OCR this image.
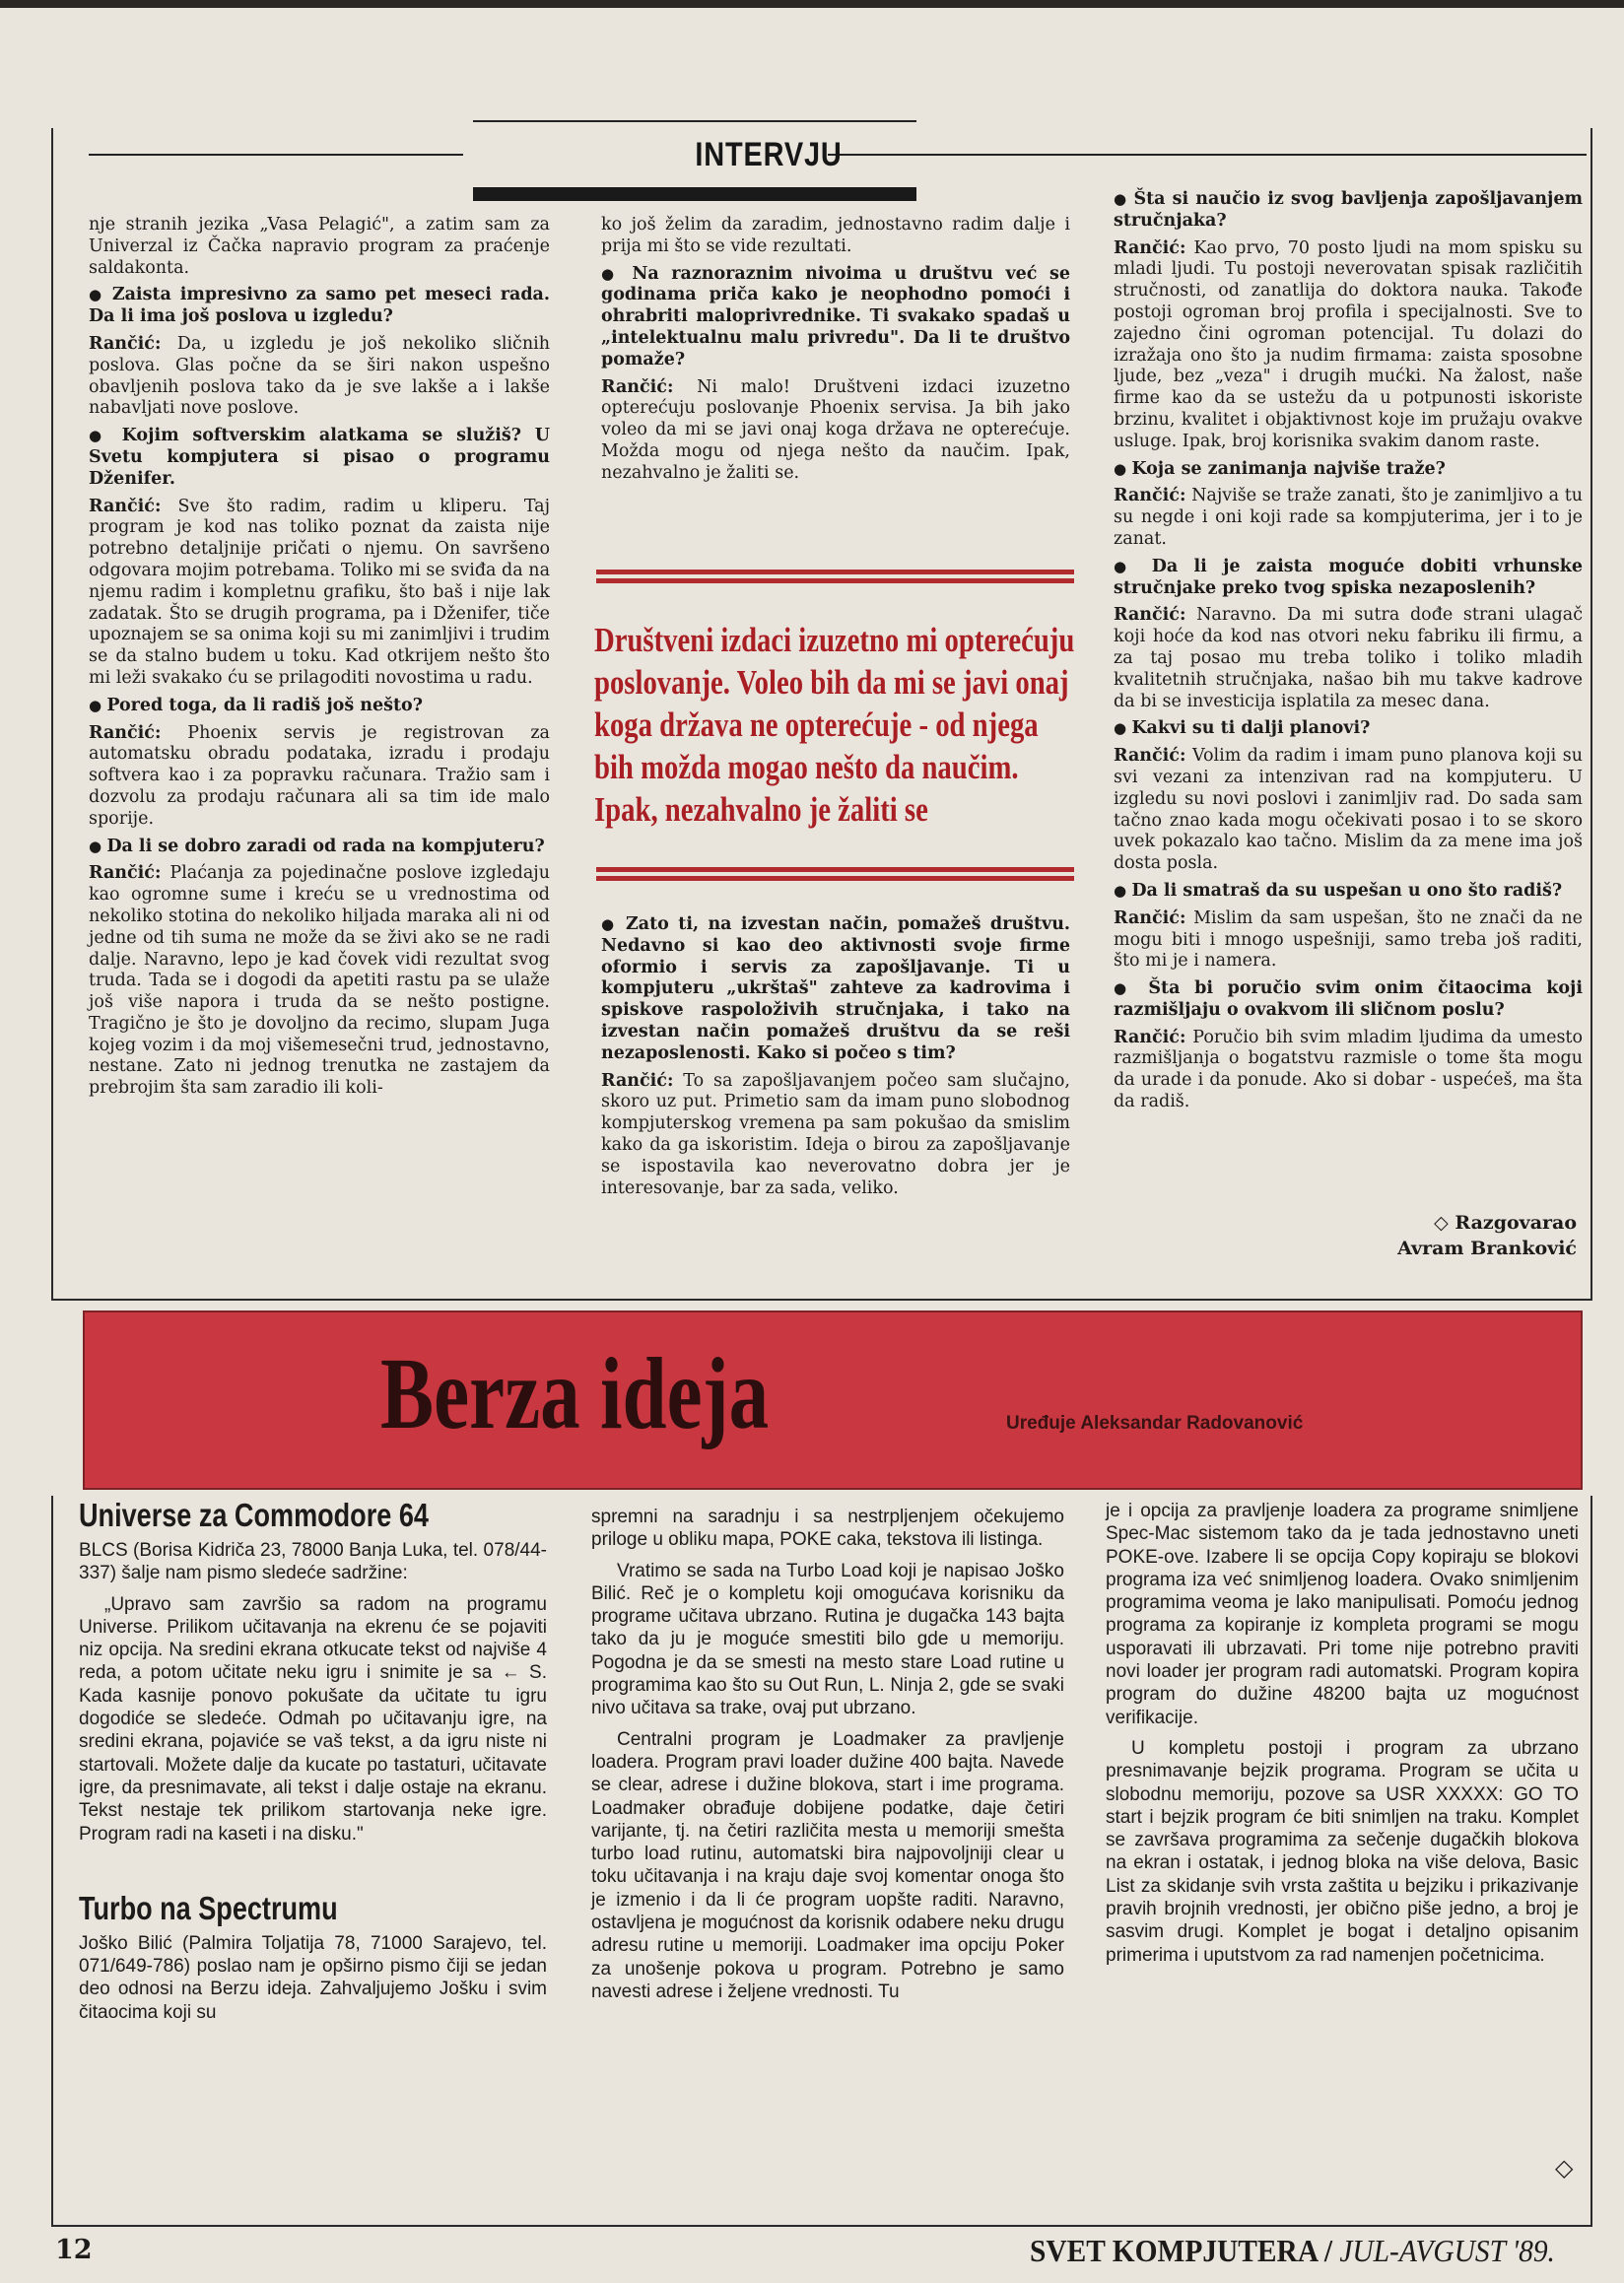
INTERVJU

nje stranih jezika „Vasa Pelagić", a zatim sam za Univerzal iz Čačka napravio program za praćenje saldakonta.

● Zaista impresivno za samo pet meseci rada. Da li ima još poslova u izgledu?

Rančić: Da, u izgledu je još nekoliko sličnih poslova. Glas počne da se širi nakon uspešno obavljenih poslova tako da je sve lakše a i lakše nabavljati nove poslove.

● Kojim softverskim alatkama se služiš? U Svetu kompjutera si pisao o programu Dženifer.

Rančić: Sve što radim, radim u kliperu. Taj program je kod nas toliko poznat da zaista nije potrebno detaljnije pričati o njemu. On savršeno odgovara mojim potrebama. Toliko mi se sviđa da na njemu radim i kompletnu grafiku, što baš i nije lak zadatak. Što se drugih programa, pa i Dženifer, tiče upoznajem se sa onima koji su mi zanimljivi i trudim se da stalno budem u toku. Kad otkrijem nešto što mi leži svakako ću se prilagoditi novostima u radu.

● Pored toga, da li radiš još nešto?

Rančić: Phoenix servis je registrovan za automatsku obradu podataka, izradu i prodaju softvera kao i za popravku računara. Tražio sam i dozvolu za prodaju računara ali sa tim ide malo sporije.

● Da li se dobro zaradi od rada na kompjuteru?

Rančić: Plaćanja za pojedinačne poslove izgledaju kao ogromne sume i kreću se u vrednostima od nekoliko stotina do nekoliko hiljada maraka ali ni od jedne od tih suma ne može da se živi ako se ne radi dalje. Naravno, lepo je kad čovek vidi rezultat svog truda. Tada se i dogodi da apetiti rastu pa se ulaže još više napora i truda da se nešto postigne. Tragično je što je dovoljno da recimo, slupam Juga kojeg vozim i da moj višemesečni trud, jednostavno, nestane. Zato ni jednog trenutka ne zastajem da prebrojim šta sam zaradio ili koli-

ko još želim da zaradim, jednostavno radim dalje i prija mi što se vide rezultati.

● Na raznoraznim nivoima u društvu već se godinama priča kako je neophodno pomoći i ohrabriti maloprivrednike. Ti svakako spadaš u „intelektualnu malu privredu". Da li te društvo pomaže?

Rančić: Ni malo! Društveni izdaci izuzetno opterećuju poslovanje Phoenix servisa. Ja bih jako voleo da mi se javi onaj koga država ne opterećuje. Možda mogu od njega nešto da naučim. Ipak, nezahvalno je žaliti se.

Društveni izdaci izuzetno mi opterećuju poslovanje. Voleo bih da mi se javi onaj koga država ne opterećuje - od njega bih možda mogao nešto da naučim. Ipak, nezahvalno je žaliti se

● Zato ti, na izvestan način, pomažeš društvu. Nedavno si kao deo aktivnosti svoje firme oformio i servis za zapošljavanje. Ti u kompjuteru „ukrštaš" zahteve za kadrovima i spiskove raspoloživih stručnjaka, i tako na izvestan način pomažeš društvu da se reši nezaposlenosti. Kako si počeo s tim?

Rančić: To sa zapošljavanjem počeo sam slučajno, skoro uz put. Primetio sam da imam puno slobodnog kompjuterskog vremena pa sam pokušao da smislim kako da ga iskoristim. Ideja o birou za zapošljavanje se ispostavila kao neverovatno dobra jer je interesovanje, bar za sada, veliko.

● Šta si naučio iz svog bavljenja zapošljavanjem stručnjaka?

Rančić: Kao prvo, 70 posto ljudi na mom spisku su mladi ljudi. Tu postoji neverovatan spisak različitih stručnosti, od zanatlija do doktora nauka. Takođe postoji ogroman broj profila i specijalnosti. Sve to zajedno čini ogroman potencijal. Tu dolazi do izražaja ono što ja nudim firmama: zaista sposobne ljude, bez „veza" i drugih mućki. Na žalost, naše firme kao da se ustežu da u potpunosti iskoriste brzinu, kvalitet i objaktivnost koje im pružaju ovakve usluge. Ipak, broj korisnika svakim danom raste.

● Koja se zanimanja najviše traže?

Rančić: Najviše se traže zanati, što je zanimljivo a tu su negde i oni koji rade sa kompjuterima, jer i to je zanat.

● Da li je zaista moguće dobiti vrhunske stručnjake preko tvog spiska nezaposlenih?

Rančić: Naravno. Da mi sutra dođe strani ulagač koji hoće da kod nas otvori neku fabriku ili firmu, a za taj posao mu treba toliko i toliko mladih kvalitetnih stručnjaka, našao bih mu takve kadrove da bi se investicija isplatila za mesec dana.

● Kakvi su ti dalji planovi?

Rančić: Volim da radim i imam puno planova koji su svi vezani za intenzivan rad na kompjuteru. U izgledu su novi poslovi i zanimljiv rad. Do sada sam tačno znao kada mogu očekivati posao i to se skoro uvek pokazalo kao tačno. Mislim da za mene ima još dosta posla.

● Da li smatraš da su uspešan u ono što radiš?

Rančić: Mislim da sam uspešan, što ne znači da ne mogu biti i mnogo uspešniji, samo treba još raditi, što mi je i namera.

● Šta bi poručio svim onim čitaocima koji razmišljaju o ovakvom ili sličnom poslu?

Rančić: Poručio bih svim mladim ljudima da umesto razmišljanja o bogatstvu razmisle o tome šta mogu da urade i da ponude. Ako si dobar - uspećeš, ma šta da radiš.

◇ Razgovarao
Avram Branković
Berza ideja	Uređuje Aleksandar Radovanović
Universe za Commodore 64

BLCS (Borisa Kidriča 23, 78000 Banja Luka, tel. 078/44-337) šalje nam pismo sledeće sadržine:

„Upravo sam završio sa radom na programu Universe. Prilikom učitavanja na ekrenu će se pojaviti niz opcija. Na sredini ekrana otkucate tekst od najviše 4 reda, a potom učitate neku igru i snimite je sa ← S. Kada kasnije ponovo pokušate da učitate tu igru dogodiće se sledeće. Odmah po učitavanju igre, na sredini ekrana, pojaviće se vaš tekst, a da igru niste ni startovali. Možete dalje da kucate po tastaturi, učitavate igre, da presnimavate, ali tekst i dalje ostaje na ekranu. Tekst nestaje tek prilikom startovanja neke igre. Program radi na kaseti i na disku."

Turbo na Spectrumu

Joško Bilić (Palmira Toljatija 78, 71000 Sarajevo, tel. 071/649-786) poslao nam je opširno pismo čiji se jedan deo odnosi na Berzu ideja. Zahvaljujemo Jošku i svim čitaocima koji su

spremni na saradnju i sa nestrpljenjem očekujemo priloge u obliku mapa, POKE caka, tekstova ili listinga.

Vratimo se sada na Turbo Load koji je napisao Joško Bilić. Reč je o kompletu koji omogućava korisniku da programe učitava ubrzano. Rutina je dugačka 143 bajta tako da ju je moguće smestiti bilo gde u memoriju. Pogodna je da se smesti na mesto stare Load rutine u programima kao što su Out Run, L. Ninja 2, gde se svaki nivo učitava sa trake, ovaj put ubrzano.

Centralni program je Loadmaker za pravljenje loadera. Program pravi loader dužine 400 bajta. Navede se clear, adrese i dužine blokova, start i ime programa. Loadmaker obrađuje dobijene podatke, daje četiri varijante, tj. na četiri različita mesta u memoriji smešta turbo load rutinu, automatski bira najpovoljniji clear u toku učitavanja i na kraju daje svoj komentar onoga što je izmenio i da li će program uopšte raditi. Naravno, ostavljena je mogućnost da korisnik odabere neku drugu adresu rutine u memoriji. Loadmaker ima opciju Poker za unošenje pokova u program. Potrebno je samo navesti adrese i željene vrednosti. Tu

je i opcija za pravljenje loadera za programe snimljene Spec-Mac sistemom tako da je tada jednostavno uneti POKE-ove. Izabere li se opcija Copy kopiraju se blokovi programa iza već snimljenog loadera. Ovako snimljenim programima veoma je lako manipulisati. Pomoću jednog programa za kopiranje iz kompleta programi se mogu usporavati ili ubrzavati. Pri tome nije potrebno praviti novi loader jer program radi automatski. Program kopira program do dužine 48200 bajta uz mogućnost verifikacije.

U kompletu postoji i program za ubrzano presnimavanje bejzik programa. Program se učita u slobodnu memoriju, pozove sa USR XXXXX: GO TO start i bejzik program će biti snimljen na traku. Komplet se završava programima za sečenje dugačkih blokova na ekran i ostatak, i jednog bloka na više delova, Basic List za skidanje svih vrsta zaštita u bejziku i prikazivanje pravih brojnih vrednosti, jer obično piše jedno, a broj je sasvim drugi. Komplet je bogat i detaljno opisanim primerima i uputstvom za rad namenjen početnicima.

◇
12	SVET KOMPJUTERA / JUL-AVGUST '89.
